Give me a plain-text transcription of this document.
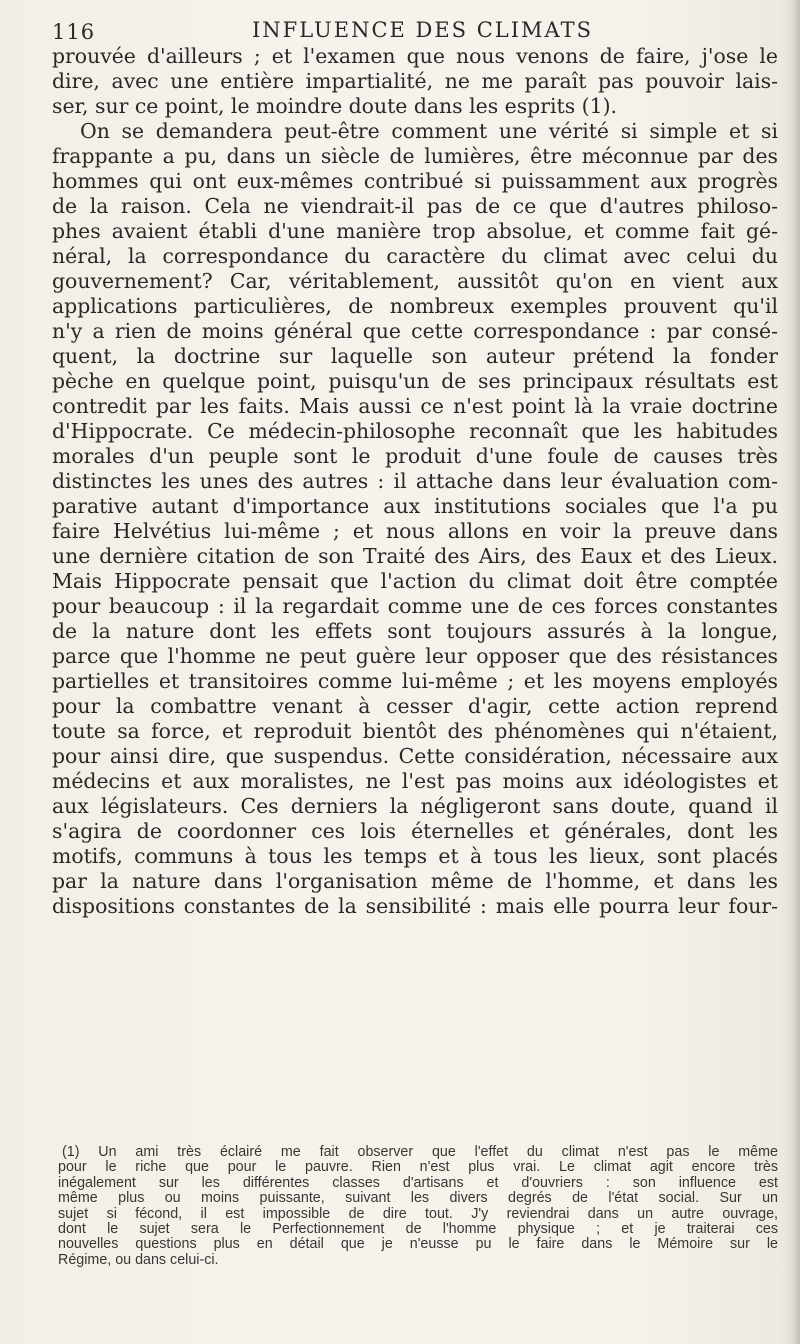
116	INFLUENCE DES CLIMATS

prouvée d'ailleurs ; et l'examen que nous venons de faire, j'ose le

dire, avec une entière impartialité, ne me paraît pas pouvoir lais-

ser, sur ce point, le moindre doute dans les esprits (1).

On se demandera peut-être comment une vérité si simple et si

frappante a pu, dans un siècle de lumières, être méconnue par des

hommes qui ont eux-mêmes contribué si puissamment aux progrès

de la raison. Cela ne viendrait-il pas de ce que d'autres philoso-

phes avaient établi d'une manière trop absolue, et comme fait gé-

néral, la correspondance du caractère du climat avec celui du

gouvernement? Car, véritablement, aussitôt qu'on en vient aux

applications particulières, de nombreux exemples prouvent qu'il

n'y a rien de moins général que cette correspondance : par consé-

quent, la doctrine sur laquelle son auteur prétend la fonder

pèche en quelque point, puisqu'un de ses principaux résultats est

contredit par les faits. Mais aussi ce n'est point là la vraie doctrine

d'Hippocrate. Ce médecin-philosophe reconnaît que les habitudes

morales d'un peuple sont le produit d'une foule de causes très

distinctes les unes des autres : il attache dans leur évaluation com-

parative autant d'importance aux institutions sociales que l'a pu

faire Helvétius lui-même ; et nous allons en voir la preuve dans

une dernière citation de son Traité des Airs, des Eaux et des Lieux.

Mais Hippocrate pensait que l'action du climat doit être comptée

pour beaucoup : il la regardait comme une de ces forces constantes

de la nature dont les effets sont toujours assurés à la longue,

parce que l'homme ne peut guère leur opposer que des résistances

partielles et transitoires comme lui-même ; et les moyens employés

pour la combattre venant à cesser d'agir, cette action reprend

toute sa force, et reproduit bientôt des phénomènes qui n'étaient,

pour ainsi dire, que suspendus. Cette considération, nécessaire aux

médecins et aux moralistes, ne l'est pas moins aux idéologistes et

aux législateurs. Ces derniers la négligeront sans doute, quand il

s'agira de coordonner ces lois éternelles et générales, dont les

motifs, communs à tous les temps et à tous les lieux, sont placés

par la nature dans l'organisation même de l'homme, et dans les

dispositions constantes de la sensibilité : mais elle pourra leur four-

(1) Un ami très éclairé me fait observer que l'effet du climat n'est pas le même

pour le riche que pour le pauvre. Rien n'est plus vrai. Le climat agit encore très

inégalement sur les différentes classes d'artisans et d'ouvriers : son influence est

même plus ou moins puissante, suivant les divers degrés de l'état social. Sur un

sujet si fécond, il est impossible de dire tout. J'y reviendrai dans un autre ouvrage,

dont le sujet sera le Perfectionnement de l'homme physique ; et je traiterai ces

nouvelles questions plus en détail que je n'eusse pu le faire dans le Mémoire sur le

Régime, ou dans celui-ci.
